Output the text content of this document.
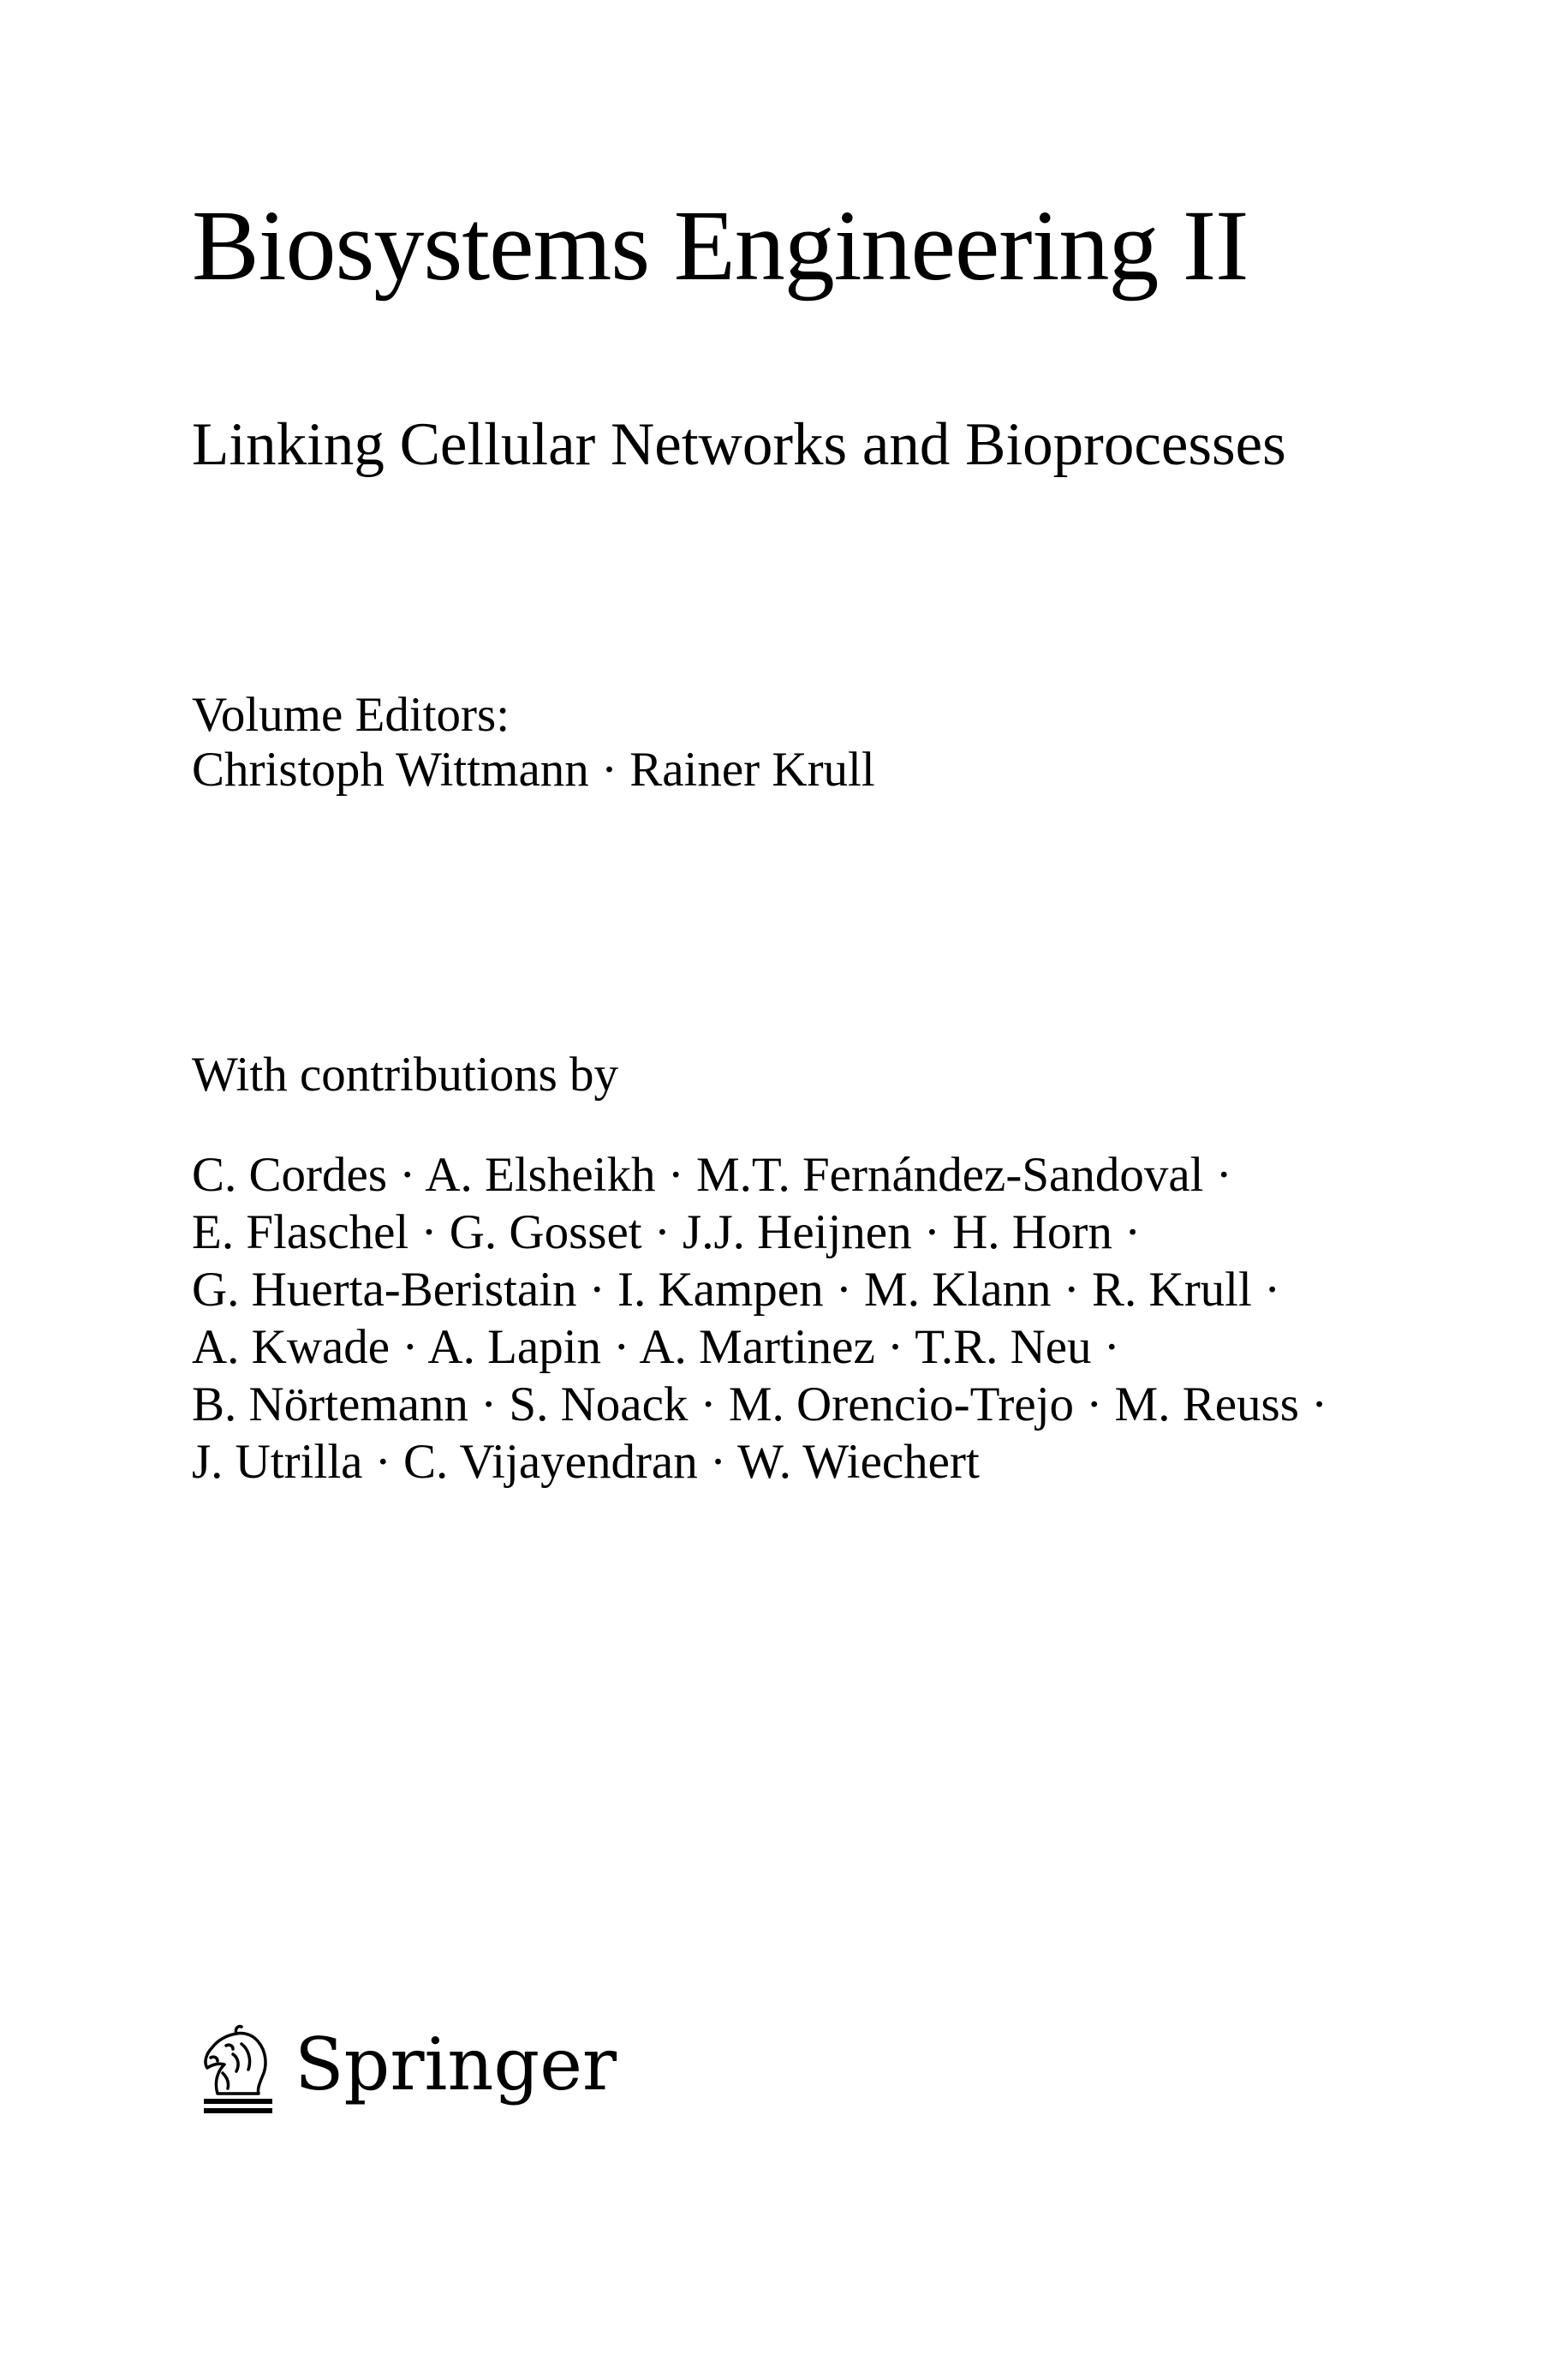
Biosystems Engineering II
Linking Cellular Networks and Bioprocesses
Volume Editors:
Christoph Wittmann · Rainer Krull
With contributions by
C. Cordes · A. Elsheikh · M.T. Fernández-Sandoval ·
E. Flaschel · G. Gosset · J.J. Heijnen · H. Horn ·
G. Huerta-Beristain · I. Kampen · M. Klann · R. Krull ·
A. Kwade · A. Lapin · A. Martinez · T.R. Neu ·
B. Nörtemann · S. Noack · M. Orencio-Trejo · M. Reuss ·
J. Utrilla · C. Vijayendran · W. Wiechert
Springer
